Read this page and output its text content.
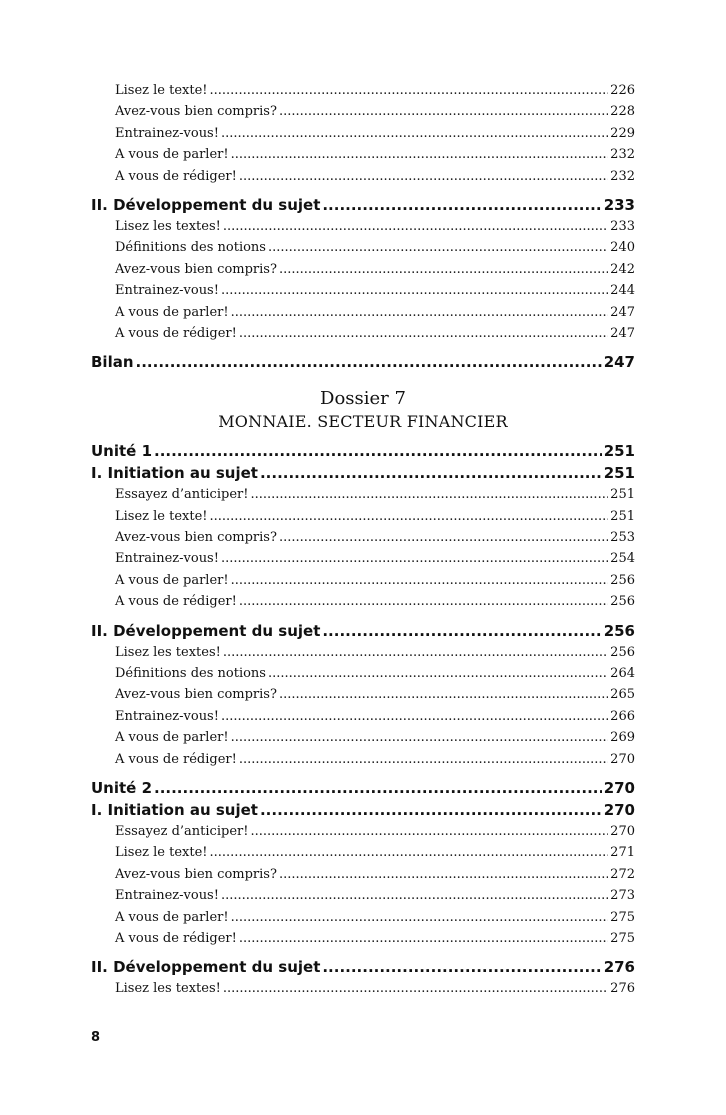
Lisez le texte! .....	226
Avez-vous bien compris? .....	228
Entrainez-vous! .....	229
A vous de parler! .....	232
A vous de rédiger! .....	232
II. Développement du sujet .....	233
Lisez les textes! .....	233
Définitions des notions .....	240
Avez-vous bien compris? .....	242
Entrainez-vous! .....	244
A vous de parler! .....	247
A vous de rédiger! .....	247
Bilan .....	247
Dossier 7
MONNAIE. SECTEUR FINANCIER
Unité 1 .....	251
I. Initiation au sujet .....	251
Essayez d’anticiper! .....	251
Lisez le texte! .....	251
Avez-vous bien compris? .....	253
Entrainez-vous! .....	254
A vous de parler! .....	256
A vous de rédiger! .....	256
II. Développement du sujet .....	256
Lisez les textes! .....	256
Définitions des notions .....	264
Avez-vous bien compris? .....	265
Entrainez-vous! .....	266
A vous de parler! .....	269
A vous de rédiger! .....	270
Unité 2 .....	270
I. Initiation au sujet .....	270
Essayez d’anticiper! .....	270
Lisez le texte! .....	271
Avez-vous bien compris? .....	272
Entrainez-vous! .....	273
A vous de parler! .....	275
A vous de rédiger! .....	275
II. Développement du sujet .....	276
Lisez les textes! .....	276
8
